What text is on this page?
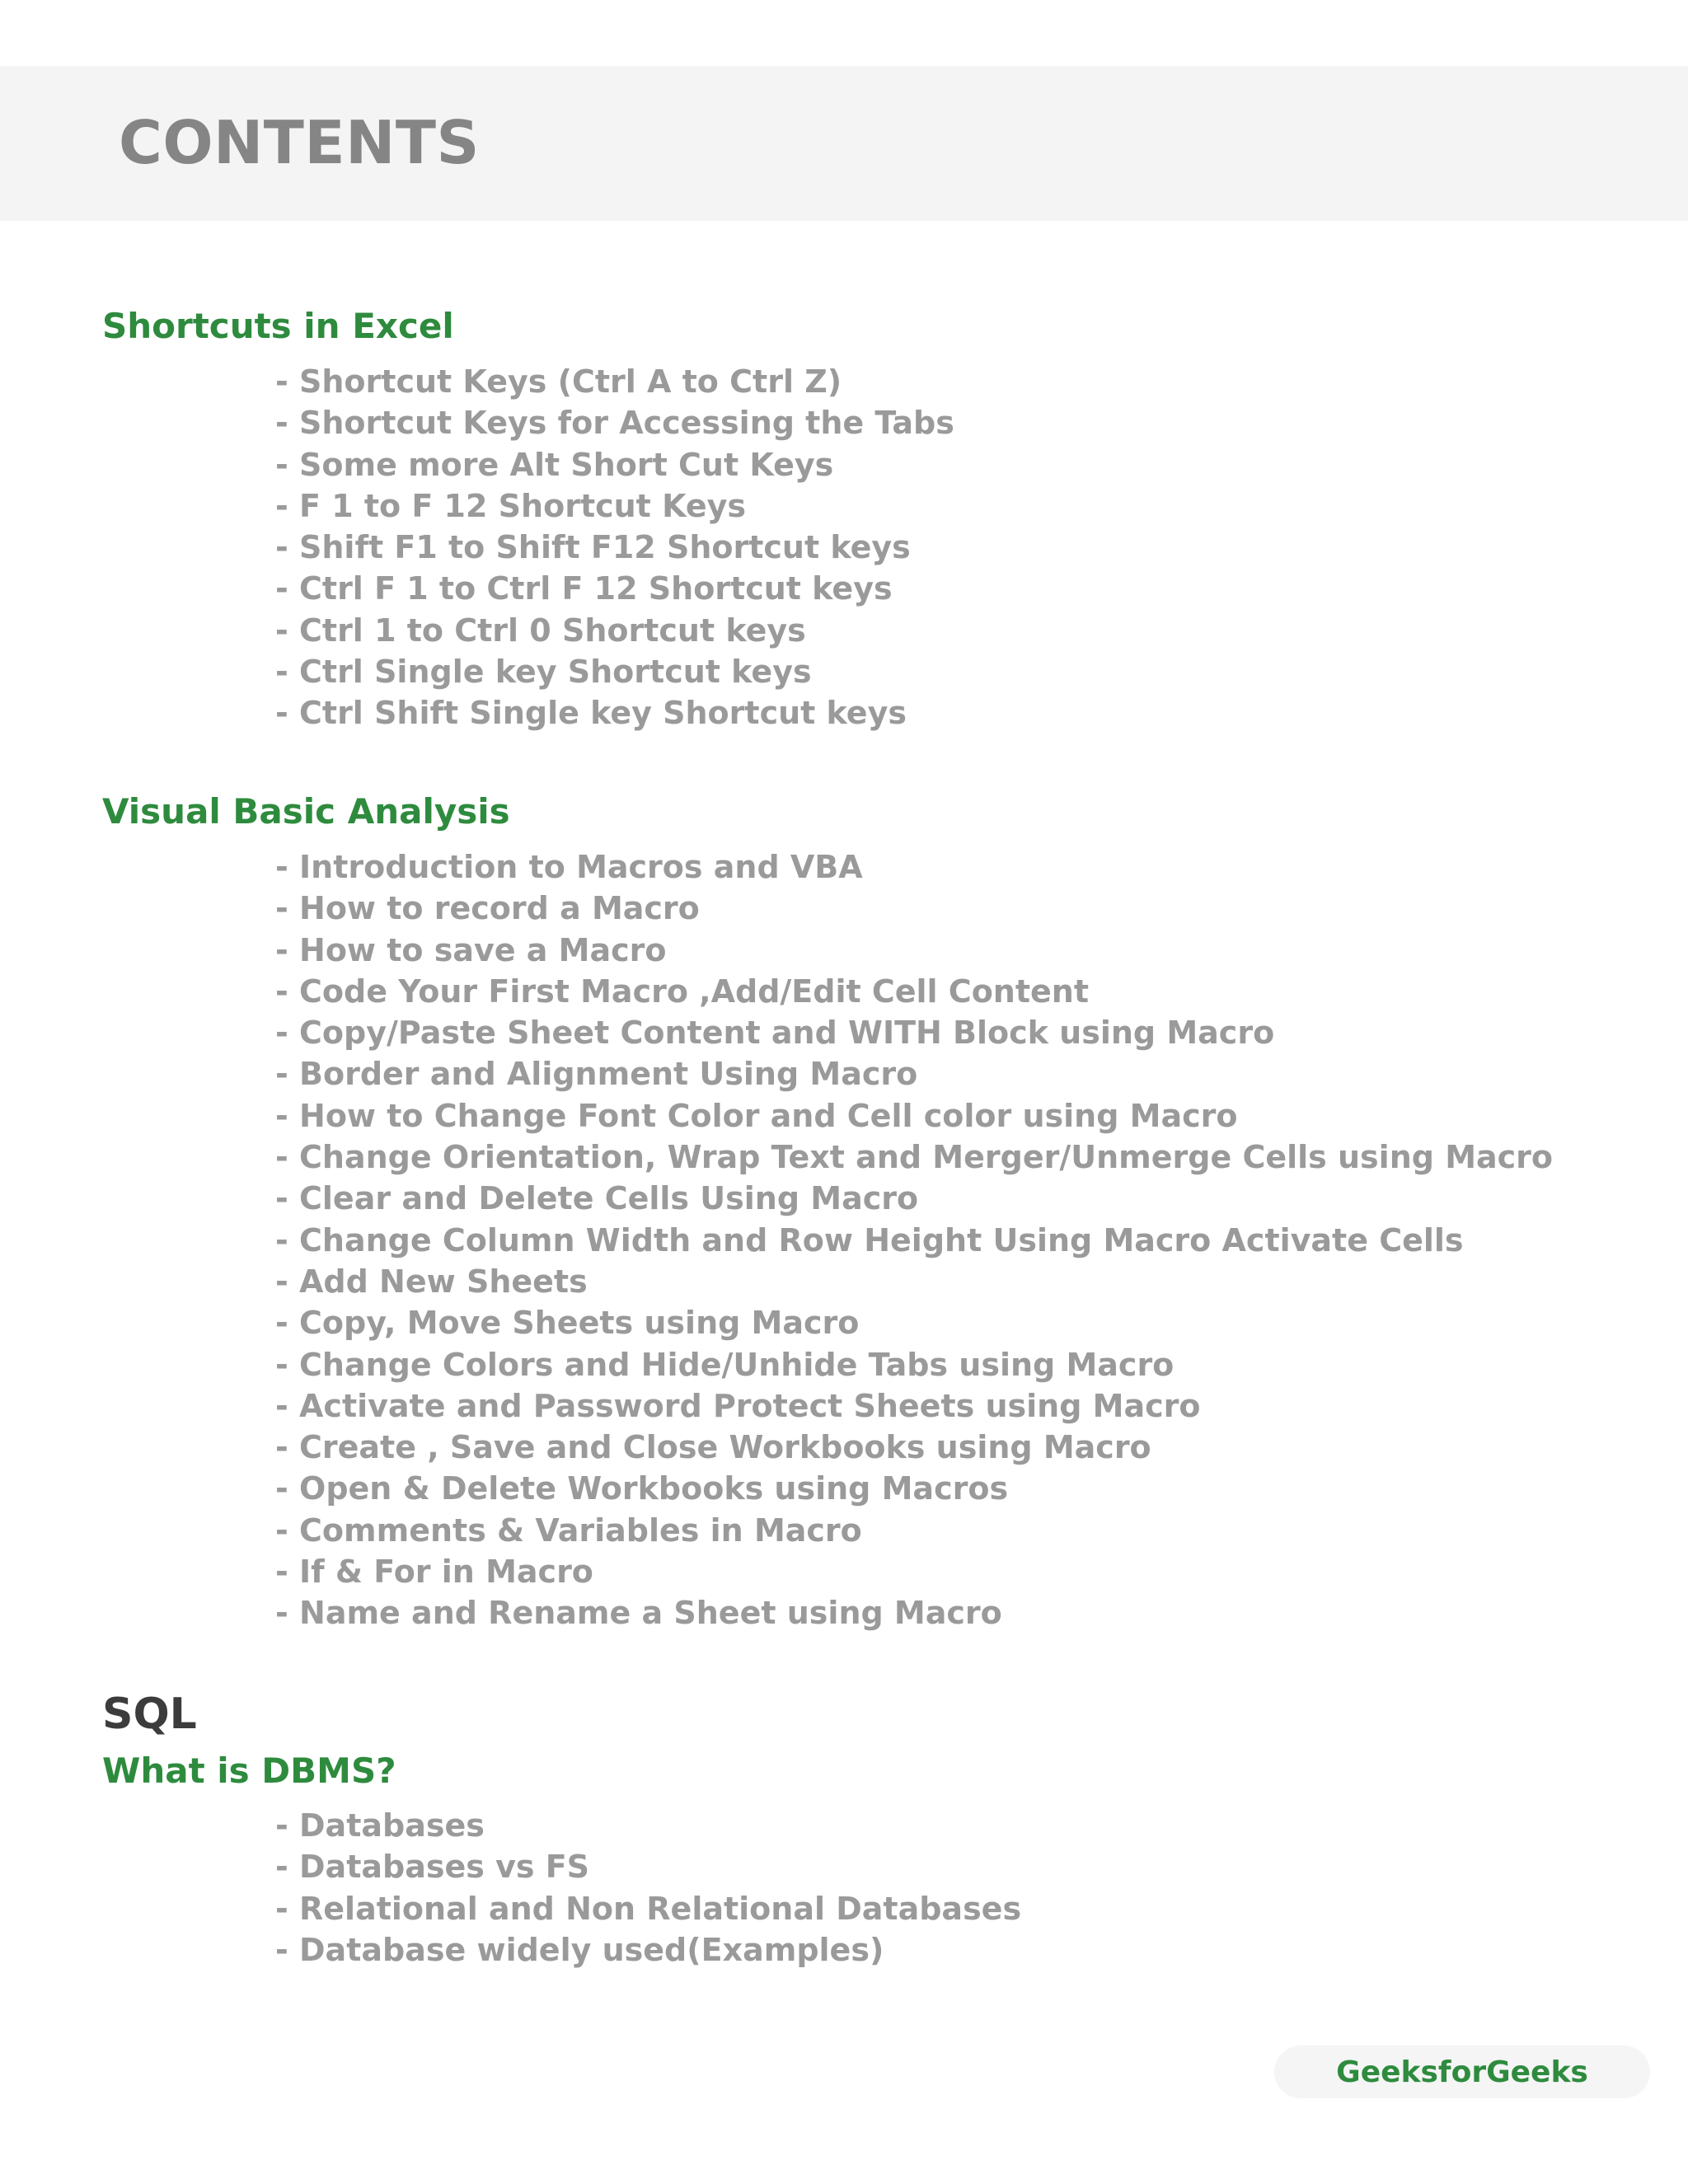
CONTENTS
Shortcuts in Excel
- Shortcut Keys (Ctrl A to Ctrl Z)
- Shortcut Keys for Accessing the Tabs
- Some more Alt Short Cut Keys
- F 1 to F 12 Shortcut Keys
- Shift F1 to Shift F12 Shortcut keys
- Ctrl F 1 to Ctrl F 12 Shortcut keys
- Ctrl 1 to Ctrl 0 Shortcut keys
- Ctrl Single key Shortcut keys
- Ctrl Shift Single key Shortcut keys
Visual Basic Analysis
- Introduction to Macros and VBA
- How to record a Macro
- How to save a Macro
- Code Your First Macro ,Add/Edit Cell Content
- Copy/Paste Sheet Content and WITH Block using Macro
- Border and Alignment Using Macro
- How to Change Font Color and Cell color using Macro
- Change Orientation, Wrap Text and Merger/Unmerge Cells using Macro
- Clear and Delete Cells Using Macro
- Change Column Width and Row Height Using Macro Activate Cells
- Add New Sheets
- Copy, Move Sheets using Macro
- Change Colors and Hide/Unhide Tabs using Macro
- Activate and Password Protect Sheets using Macro
- Create , Save and Close Workbooks using Macro
- Open & Delete Workbooks using Macros
- Comments & Variables in Macro
- If & For in Macro
- Name and Rename a Sheet using Macro
SQL
What is DBMS?
- Databases
- Databases vs FS
- Relational and Non Relational Databases
- Database widely used(Examples)
GeeksforGeeks
